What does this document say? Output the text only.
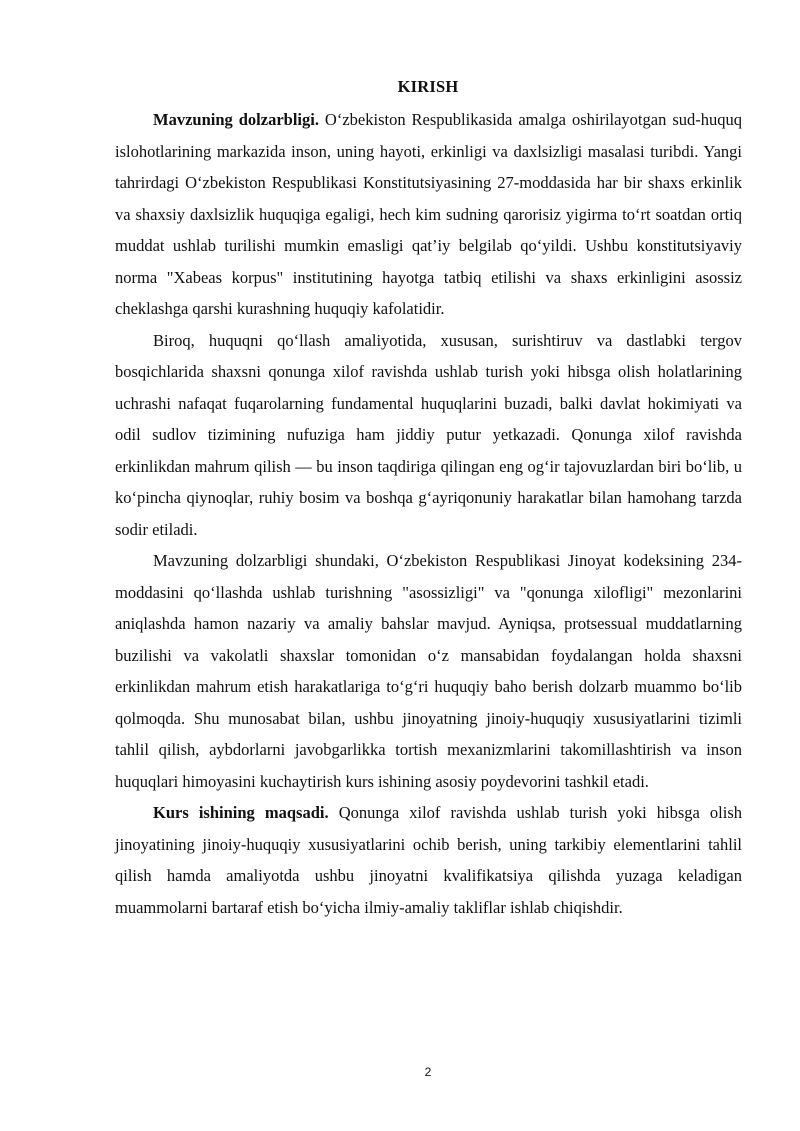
KIRISH

Mavzuning dolzarbligi. O‘zbekiston Respublikasida amalga oshirilayotgan sud-huquq islohotlarining markazida inson, uning hayoti, erkinligi va daxlsizligi masalasi turibdi. Yangi tahrirdagi O‘zbekiston Respublikasi Konstitutsiyasining 27-moddasida har bir shaxs erkinlik va shaxsiy daxlsizlik huquqiga egaligi, hech kim sudning qarorisiz yigirma to‘rt soatdan ortiq muddat ushlab turilishi mumkin emasligi qat’iy belgilab qo‘yildi. Ushbu konstitutsiyaviy norma "Xabeas korpus" institutining hayotga tatbiq etilishi va shaxs erkinligini asossiz cheklashga qarshi kurashning huquqiy kafolatidir.

Biroq, huquqni qo‘llash amaliyotida, xususan, surishtiruv va dastlabki tergov bosqichlarida shaxsni qonunga xilof ravishda ushlab turish yoki hibsga olish holatlarining uchrashi nafaqat fuqarolarning fundamental huquqlarini buzadi, balki davlat hokimiyati va odil sudlov tizimining nufuziga ham jiddiy putur yetkazadi. Qonunga xilof ravishda erkinlikdan mahrum qilish — bu inson taqdiriga qilingan eng og‘ir tajovuzlardan biri bo‘lib, u ko‘pincha qiynoqlar, ruhiy bosim va boshqa g‘ayriqonuniy harakatlar bilan hamohang tarzda sodir etiladi.

Mavzuning dolzarbligi shundaki, O‘zbekiston Respublikasi Jinoyat kodeksining 234-moddasini qo‘llashda ushlab turishning "asossizligi" va "qonunga xilofligi" mezonlarini aniqlashda hamon nazariy va amaliy bahslar mavjud. Ayniqsa, protsessual muddatlarning buzilishi va vakolatli shaxslar tomonidan o‘z mansabidan foydalangan holda shaxsni erkinlikdan mahrum etish harakatlariga to‘g‘ri huquqiy baho berish dolzarb muammo bo‘lib qolmoqda. Shu munosabat bilan, ushbu jinoyatning jinoiy-huquqiy xususiyatlarini tizimli tahlil qilish, aybdorlarni javobgarlikka tortish mexanizmlarini takomillashtirish va inson huquqlari himoyasini kuchaytirish kurs ishining asosiy poydevorini tashkil etadi.

Kurs ishining maqsadi. Qonunga xilof ravishda ushlab turish yoki hibsga olish jinoyatining jinoiy-huquqiy xususiyatlarini ochib berish, uning tarkibiy elementlarini tahlil qilish hamda amaliyotda ushbu jinoyatni kvalifikatsiya qilishda yuzaga keladigan muammolarni bartaraf etish bo‘yicha ilmiy-amaliy takliflar ishlab chiqishdir.

2
